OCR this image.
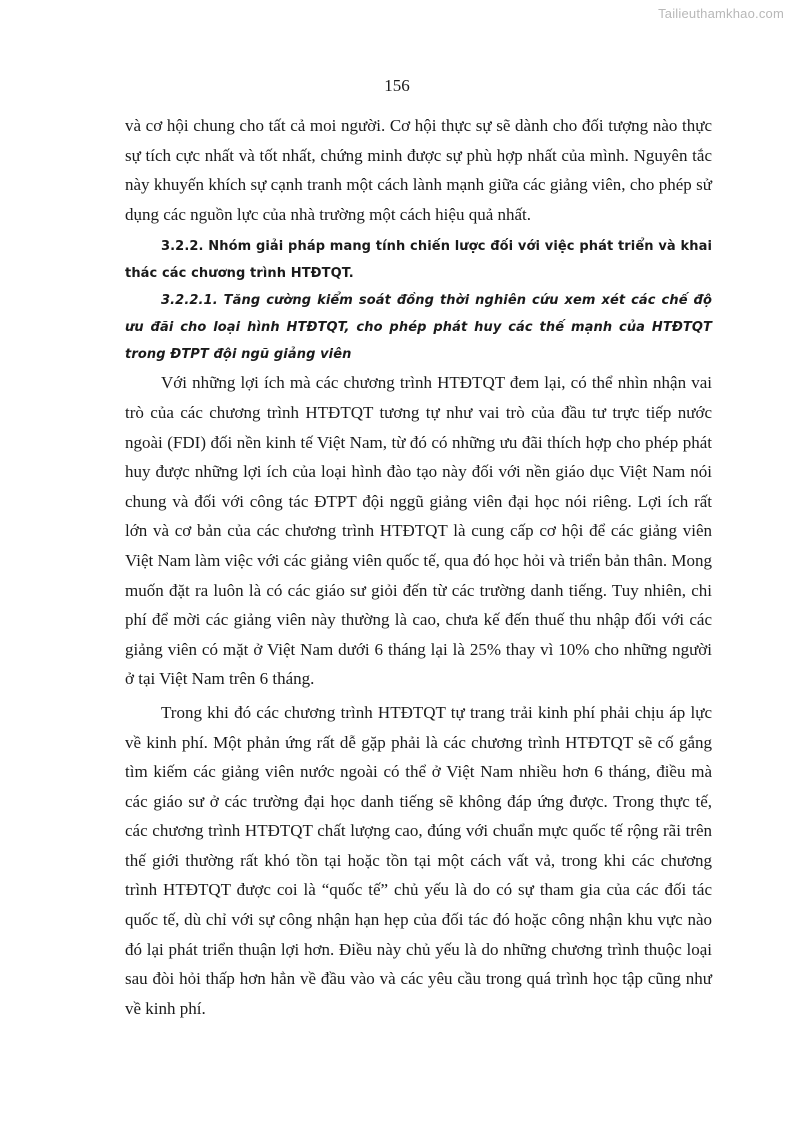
Tailieuthamkhao.com
156

và cơ hội chung cho tất cả moi người. Cơ hội thực sự sẽ dành cho đối tượng nào thực sự tích cực nhất và tốt nhất, chứng minh được sự phù hợp nhất của mình. Nguyên tắc này khuyến khích sự cạnh tranh một cách lành mạnh giữa các giảng viên, cho phép sử dụng các nguồn lực của nhà trường một cách hiệu quả nhất.

3.2.2. Nhóm giải pháp mang tính chiến lược đối với việc phát triển và khai thác các chương trình HTĐTQT.

3.2.2.1. Tăng cường kiểm soát đồng thời nghiên cứu xem xét các chế độ ưu đãi cho loại hình HTĐTQT, cho phép phát huy các thế mạnh của HTĐTQT trong ĐTPT đội ngũ giảng viên

Với những lợi ích mà các chương trình HTĐTQT đem lại, có thể nhìn nhận vai trò của các chương trình HTĐTQT tương tự như vai trò của đầu tư trực tiếp nước ngoài (FDI) đối nền kinh tế Việt Nam, từ đó có những ưu đãi thích hợp cho phép phát huy được những lợi ích của loại hình đào tạo này đối với nền giáo dục Việt Nam nói chung và đối với công tác ĐTPT đội nggũ giảng viên đại học nói riêng. Lợi ích rất lớn và cơ bản của các chương trình HTĐTQT là cung cấp cơ hội để các giảng viên Việt Nam làm việc với các giảng viên quốc tế, qua đó học hỏi và triển bản thân. Mong muốn đặt ra luôn là có các giáo sư giỏi đến từ các trường danh tiếng. Tuy nhiên, chi phí để mời các giảng viên này thường là cao, chưa kế đến thuế thu nhập đối với các giảng viên có mặt ở Việt Nam dưới 6 tháng lại là 25% thay vì 10% cho những người ở tại Việt Nam trên 6 tháng.

Trong khi đó các chương trình HTĐTQT tự trang trải kinh phí phải chịu áp lực về kinh phí. Một phản ứng rất dễ gặp phải là các chương trình HTĐTQT sẽ cố gắng tìm kiếm các giảng viên nước ngoài có thể ở Việt Nam nhiều hơn 6 tháng, điều mà các giáo sư ở các trường đại học danh tiếng sẽ không đáp ứng được. Trong thực tế, các chương trình HTĐTQT chất lượng cao, đúng với chuẩn mực quốc tế rộng rãi trên thế giới thường rất khó tồn tại hoặc tồn tại một cách vất vả, trong khi các chương trình HTĐTQT được coi là “quốc tế” chủ yếu là do có sự tham gia của các đối tác quốc tế, dù chỉ với sự công nhận hạn hẹp của đối tác đó hoặc công nhận khu vực nào đó lại phát triển thuận lợi hơn. Điều này chủ yếu là do những chương trình thuộc loại sau đòi hỏi thấp hơn hẳn về đầu vào và các yêu cầu trong quá trình học tập cũng như về kinh phí.
